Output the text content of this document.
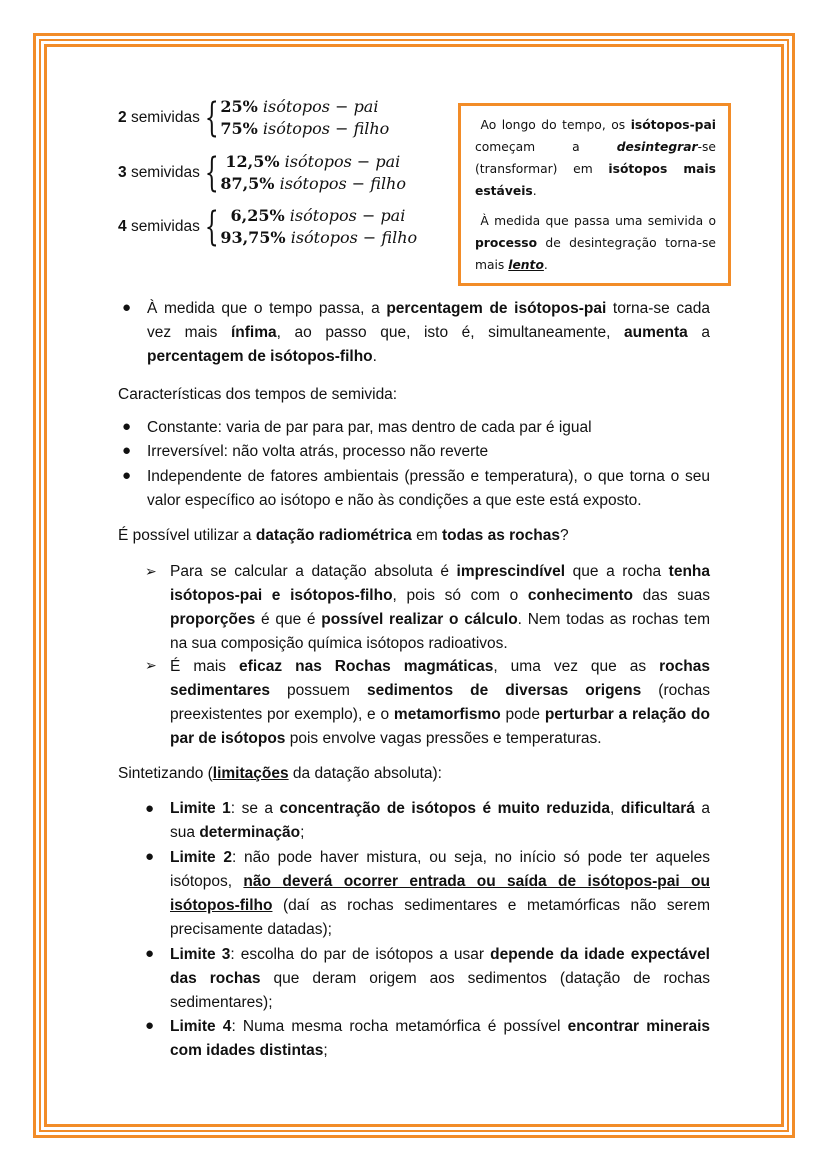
2 semividas { 25% isótopos − pai
75% isótopos − filho
3 semividas { 12,5% isótopos − pai
87,5% isótopos − filho
4 semividas { 6,25% isótopos − pai
93,75% isótopos − filho

Ao longo do tempo, os isótopos-pai começam a desintegrar-se (transformar) em isótopos mais estáveis.

À medida que passa uma semivida o processo de desintegração torna-se mais lento.

● À medida que o tempo passa, a percentagem de isótopos-pai torna-se cada vez mais ínfima, ao passo que, isto é, simultaneamente, aumenta a percentagem de isótopos-filho.
Características dos tempos de semivida:
● Constante: varia de par para par, mas dentro de cada par é igual
● Irreversível: não volta atrás, processo não reverte
● Independente de fatores ambientais (pressão e temperatura), o que torna o seu valor específico ao isótopo e não às condições a que este está exposto.
É possível utilizar a datação radiométrica em todas as rochas?
➢ Para se calcular a datação absoluta é imprescindível que a rocha tenha isótopos-pai e isótopos-filho, pois só com o conhecimento das suas proporções é que é possível realizar o cálculo. Nem todas as rochas tem na sua composição química isótopos radioativos.
➢ É mais eficaz nas Rochas magmáticas, uma vez que as rochas sedimentares possuem sedimentos de diversas origens (rochas preexistentes por exemplo), e o metamorfismo pode perturbar a relação do par de isótopos pois envolve vagas pressões e temperaturas.
Sintetizando (limitações da datação absoluta):
● Limite 1: se a concentração de isótopos é muito reduzida, dificultará a sua determinação;
● Limite 2: não pode haver mistura, ou seja, no início só pode ter aqueles isótopos, não deverá ocorrer entrada ou saída de isótopos-pai ou isótopos-filho (daí as rochas sedimentares e metamórficas não serem precisamente datadas);
● Limite 3: escolha do par de isótopos a usar depende da idade expectável das rochas que deram origem aos sedimentos (datação de rochas sedimentares);
● Limite 4: Numa mesma rocha metamórfica é possível encontrar minerais com idades distintas;
